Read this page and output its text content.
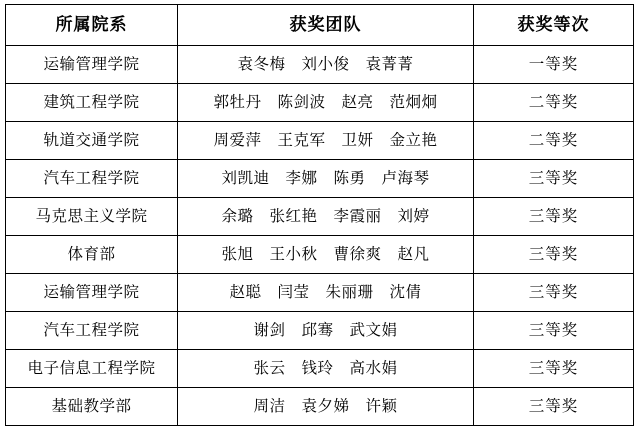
所属院系	获奖团队	获奖等次
运输管理学院	袁冬梅　刘小俊　袁菁菁	一等奖
建筑工程学院	郭牡丹　陈剑波　赵亮　范炯炯	二等奖
轨道交通学院	周爱萍　王克军　卫妍　金立艳	二等奖
汽车工程学院	刘凯迪　李娜　陈勇　卢海琴	三等奖
马克思主义学院	余璐　张红艳　李霞丽　刘婷	三等奖
体育部	张旭　王小秋　曹徐爽　赵凡	三等奖
运输管理学院	赵聪　闫莹　朱丽珊　沈倩	三等奖
汽车工程学院	谢剑　邱骞　武文娟	三等奖
电子信息工程学院	张云　钱玲　高水娟	三等奖
基础教学部	周洁　袁夕娣　许颖	三等奖
